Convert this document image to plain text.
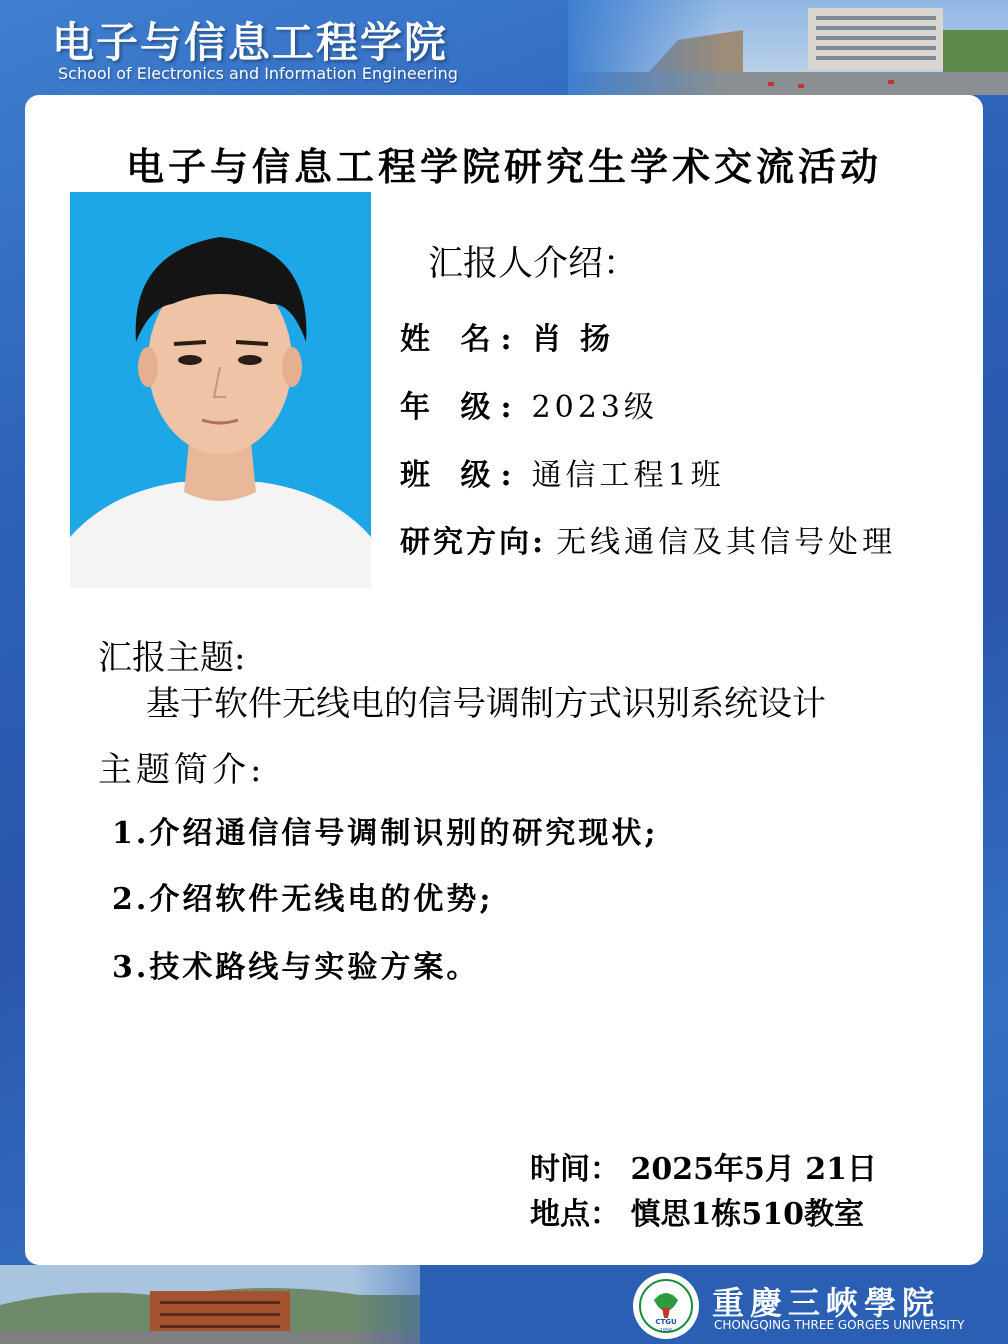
电子与信息工程学院
School of Electronics and Information Engineering
电子与信息工程学院研究生学术交流活动
汇报人介绍：
姓 名: 肖 扬
年 级: 2023级
班 级: 通信工程1班
研究方向: 无线通信及其信号处理
汇报主题:
基于软件无线电的信号调制方式识别系统设计
主题简介:
1.介绍通信信号调制识别的研究现状;
2.介绍软件无线电的优势;
3.技术路线与实验方案。
时间： 2025年5月 21日
地点： 慎思1栋510教室
CTGU
1956
重慶三峽學院
CHONGQING THREE GORGES UNIVERSITY
